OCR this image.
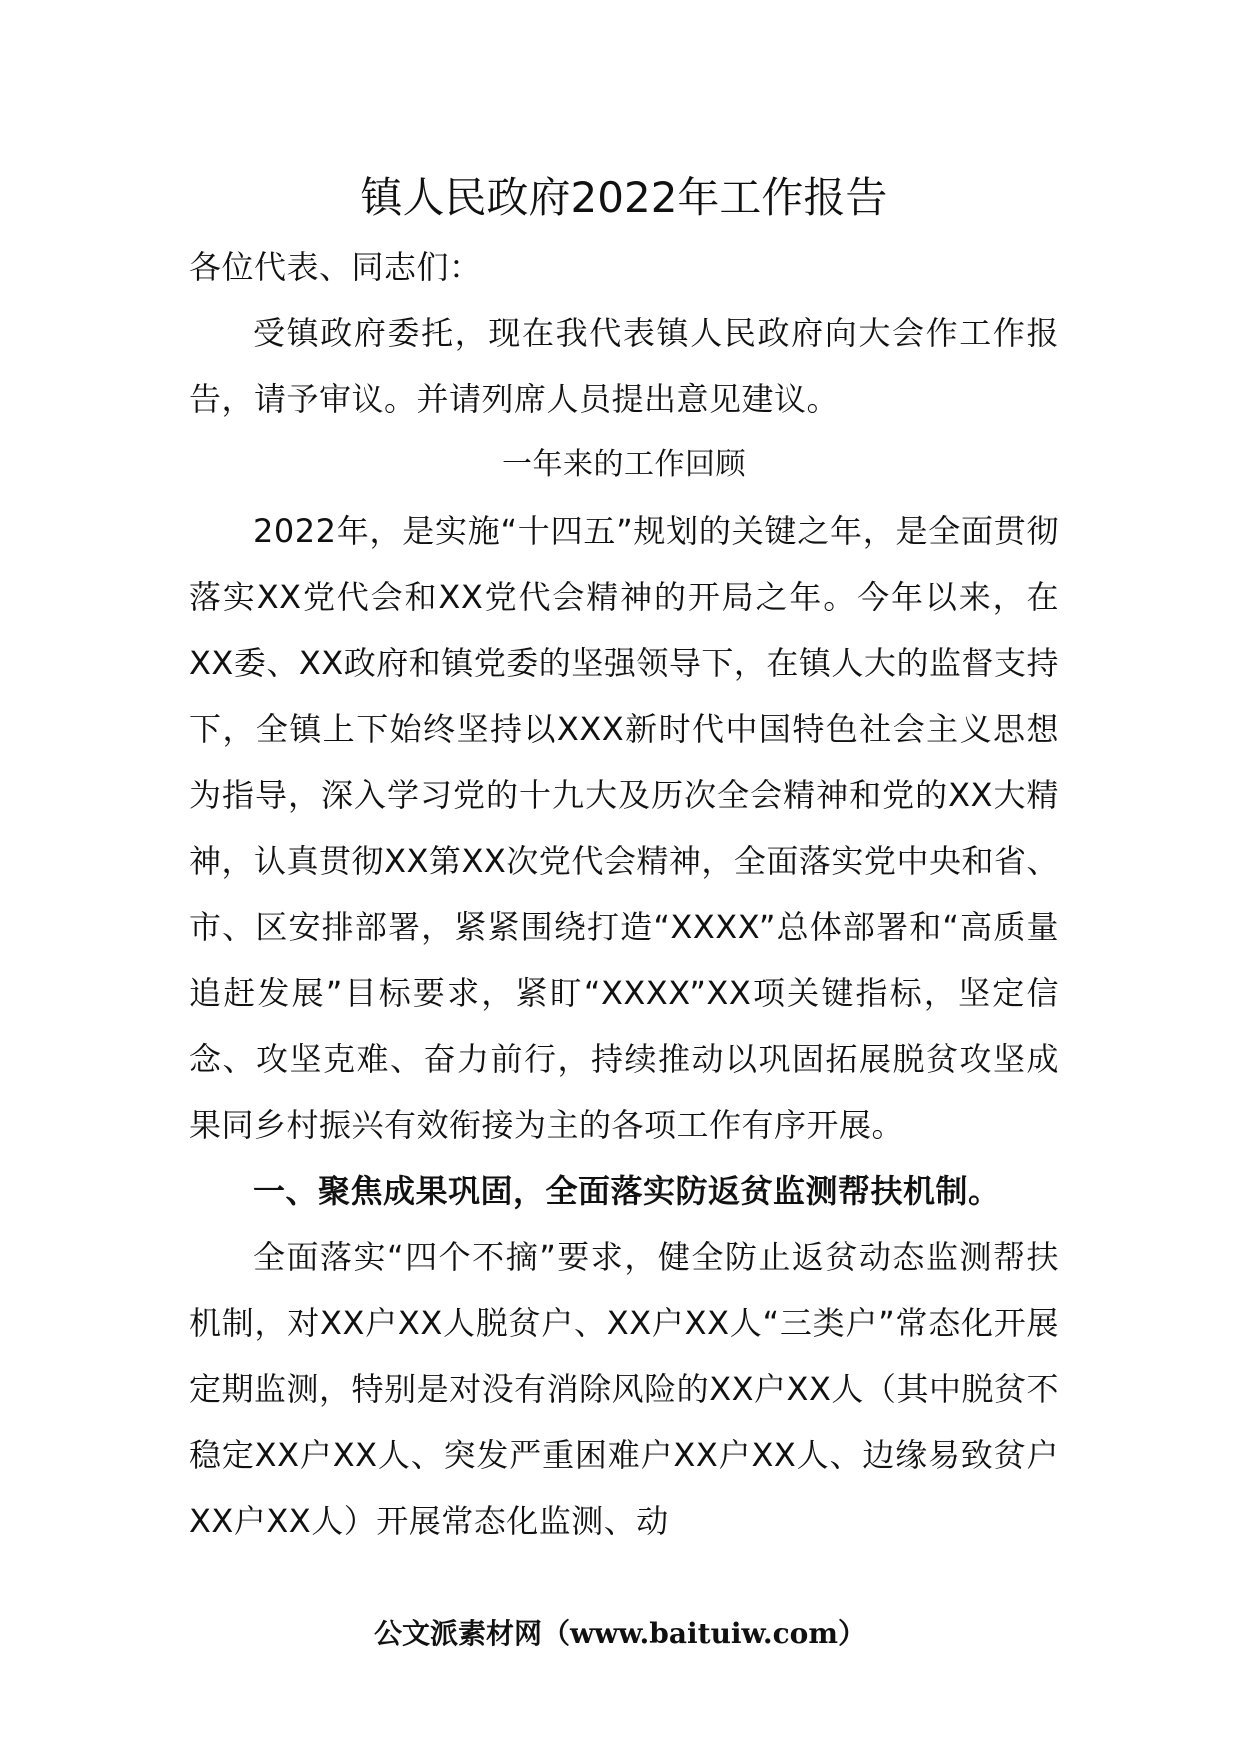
镇人民政府2022年工作报告

各位代表、同志们：

受镇政府委托，现在我代表镇人民政府向大会作工作报告，请予审议。并请列席人员提出意见建议。

一年来的工作回顾

2022年，是实施“十四五”规划的关键之年，是全面贯彻落实XX党代会和XX党代会精神的开局之年。今年以来，在XX委、XX政府和镇党委的坚强领导下，在镇人大的监督支持下，全镇上下始终坚持以XXX新时代中国特色社会主义思想为指导，深入学习党的十九大及历次全会精神和党的XX大精神，认真贯彻XX第XX次党代会精神，全面落实党中央和省、市、区安排部署，紧紧围绕打造“XXXX”总体部署和“高质量追赶发展”目标要求，紧盯“XXXX”XX项关键指标，坚定信念、攻坚克难、奋力前行，持续推动以巩固拓展脱贫攻坚成果同乡村振兴有效衔接为主的各项工作有序开展。

一、聚焦成果巩固，全面落实防返贫监测帮扶机制。

全面落实“四个不摘”要求，健全防止返贫动态监测帮扶机制，对XX户XX人脱贫户、XX户XX人“三类户”常态化开展定期监测，特别是对没有消除风险的XX户XX人（其中脱贫不稳定XX户XX人、突发严重困难户XX户XX人、边缘易致贫户XX户XX人）开展常态化监测、动

公文派素材网（www.baituiw.com）
